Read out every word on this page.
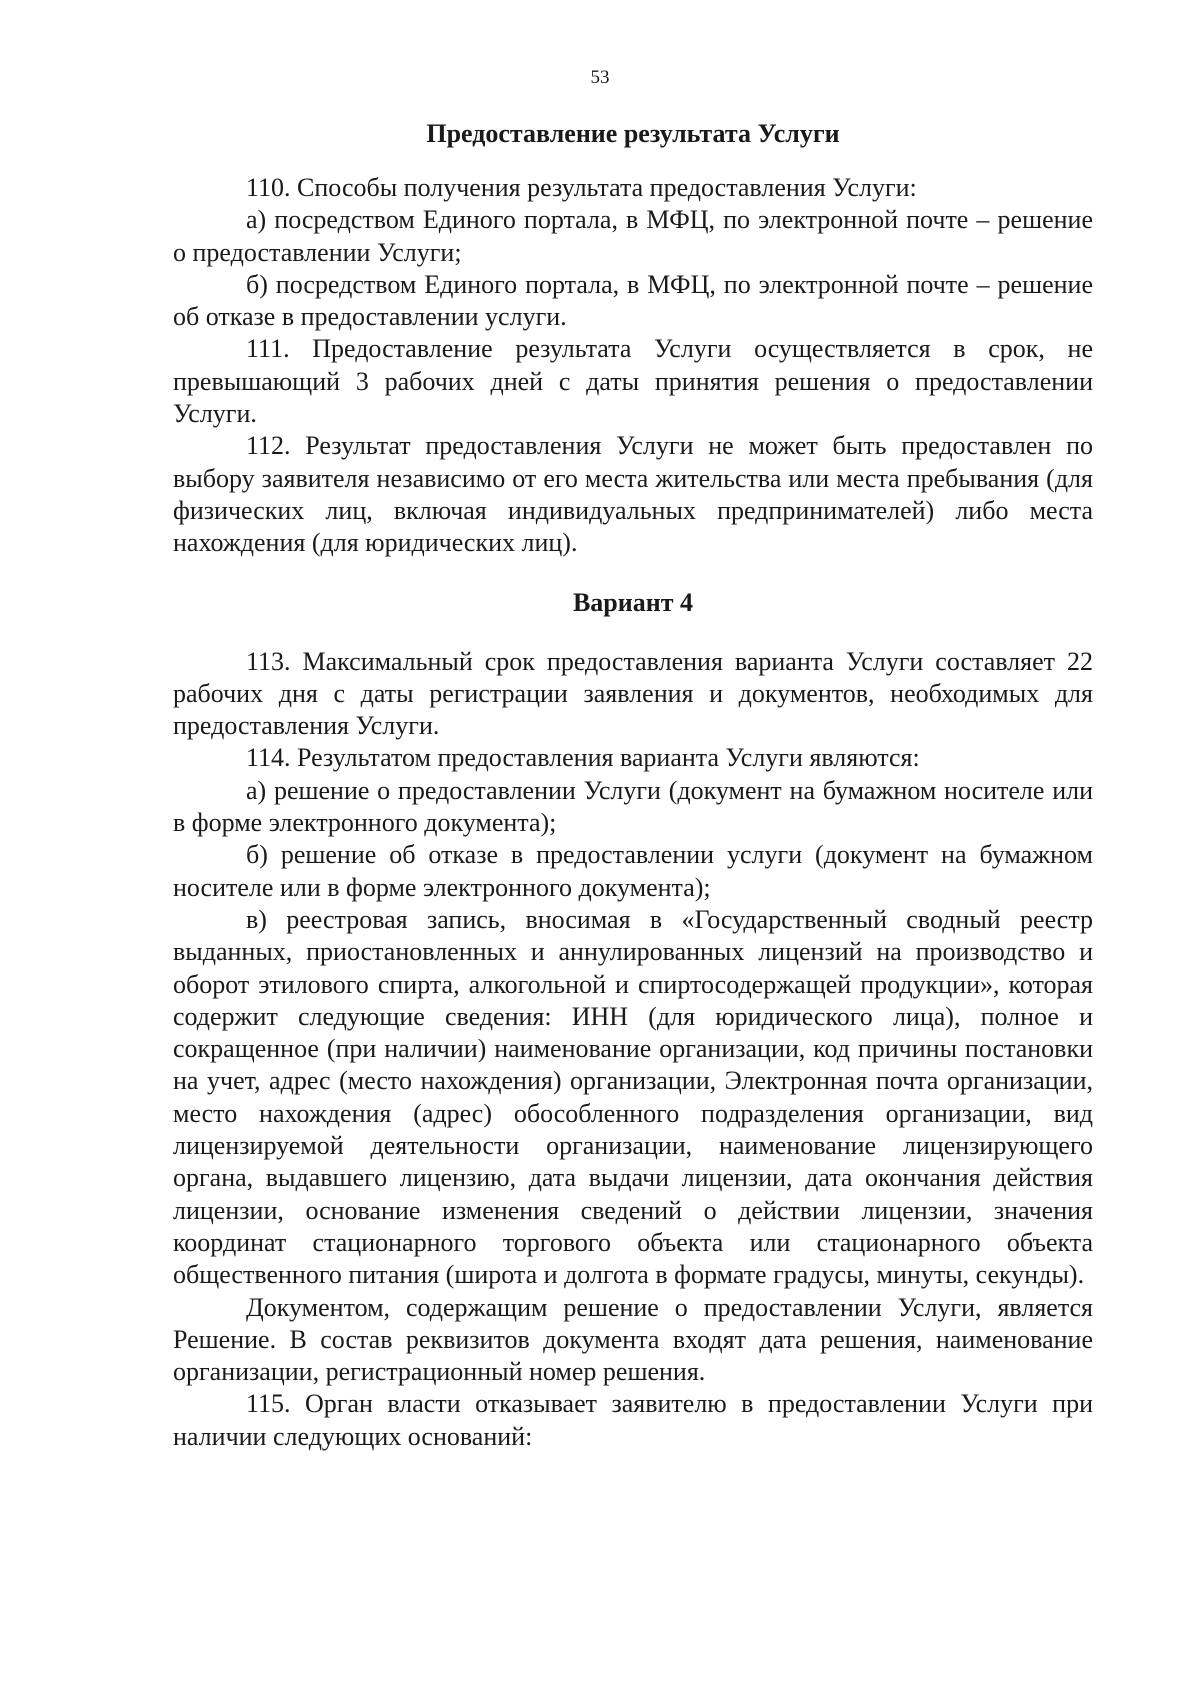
53
Предоставление результата Услуги

110. Способы получения результата предоставления Услуги:

а) посредством Единого портала, в МФЦ, по электронной почте – решение о предоставлении Услуги;

б) посредством Единого портала, в МФЦ, по электронной почте – решение об отказе в предоставлении услуги.

111. Предоставление результата Услуги осуществляется в срок, не превышающий 3 рабочих дней с даты принятия решения о предоставлении Услуги.

112. Результат предоставления Услуги не может быть предоставлен по выбору заявителя независимо от его места жительства или места пребывания (для физических лиц, включая индивидуальных предпринимателей) либо места нахождения (для юридических лиц).

Вариант 4

113. Максимальный срок предоставления варианта Услуги составляет 22 рабочих дня с даты регистрации заявления и документов, необходимых для предоставления Услуги.

114. Результатом предоставления варианта Услуги являются:

а) решение о предоставлении Услуги (документ на бумажном носителе или в форме электронного документа);

б) решение об отказе в предоставлении услуги (документ на бумажном носителе или в форме электронного документа);

в) реестровая запись, вносимая в «Государственный сводный реестр выданных, приостановленных и аннулированных лицензий на производство и оборот этилового спирта, алкогольной и спиртосодержащей продукции», которая содержит следующие сведения: ИНН (для юридического лица), полное и сокращенное (при наличии) наименование организации, код причины постановки на учет, адрес (место нахождения) организации, Электронная почта организации, место нахождения (адрес) обособленного подразделения организации, вид лицензируемой деятельности организации, наименование лицензирующего органа, выдавшего лицензию, дата выдачи лицензии, дата окончания действия лицензии, основание изменения сведений о действии лицензии, значения координат стационарного торгового объекта или стационарного объекта общественного питания (широта и долгота в формате градусы, минуты, секунды).

Документом, содержащим решение о предоставлении Услуги, является Решение. В состав реквизитов документа входят дата решения, наименование организации, регистрационный номер решения.

115. Орган власти отказывает заявителю в предоставлении Услуги при наличии следующих оснований:
